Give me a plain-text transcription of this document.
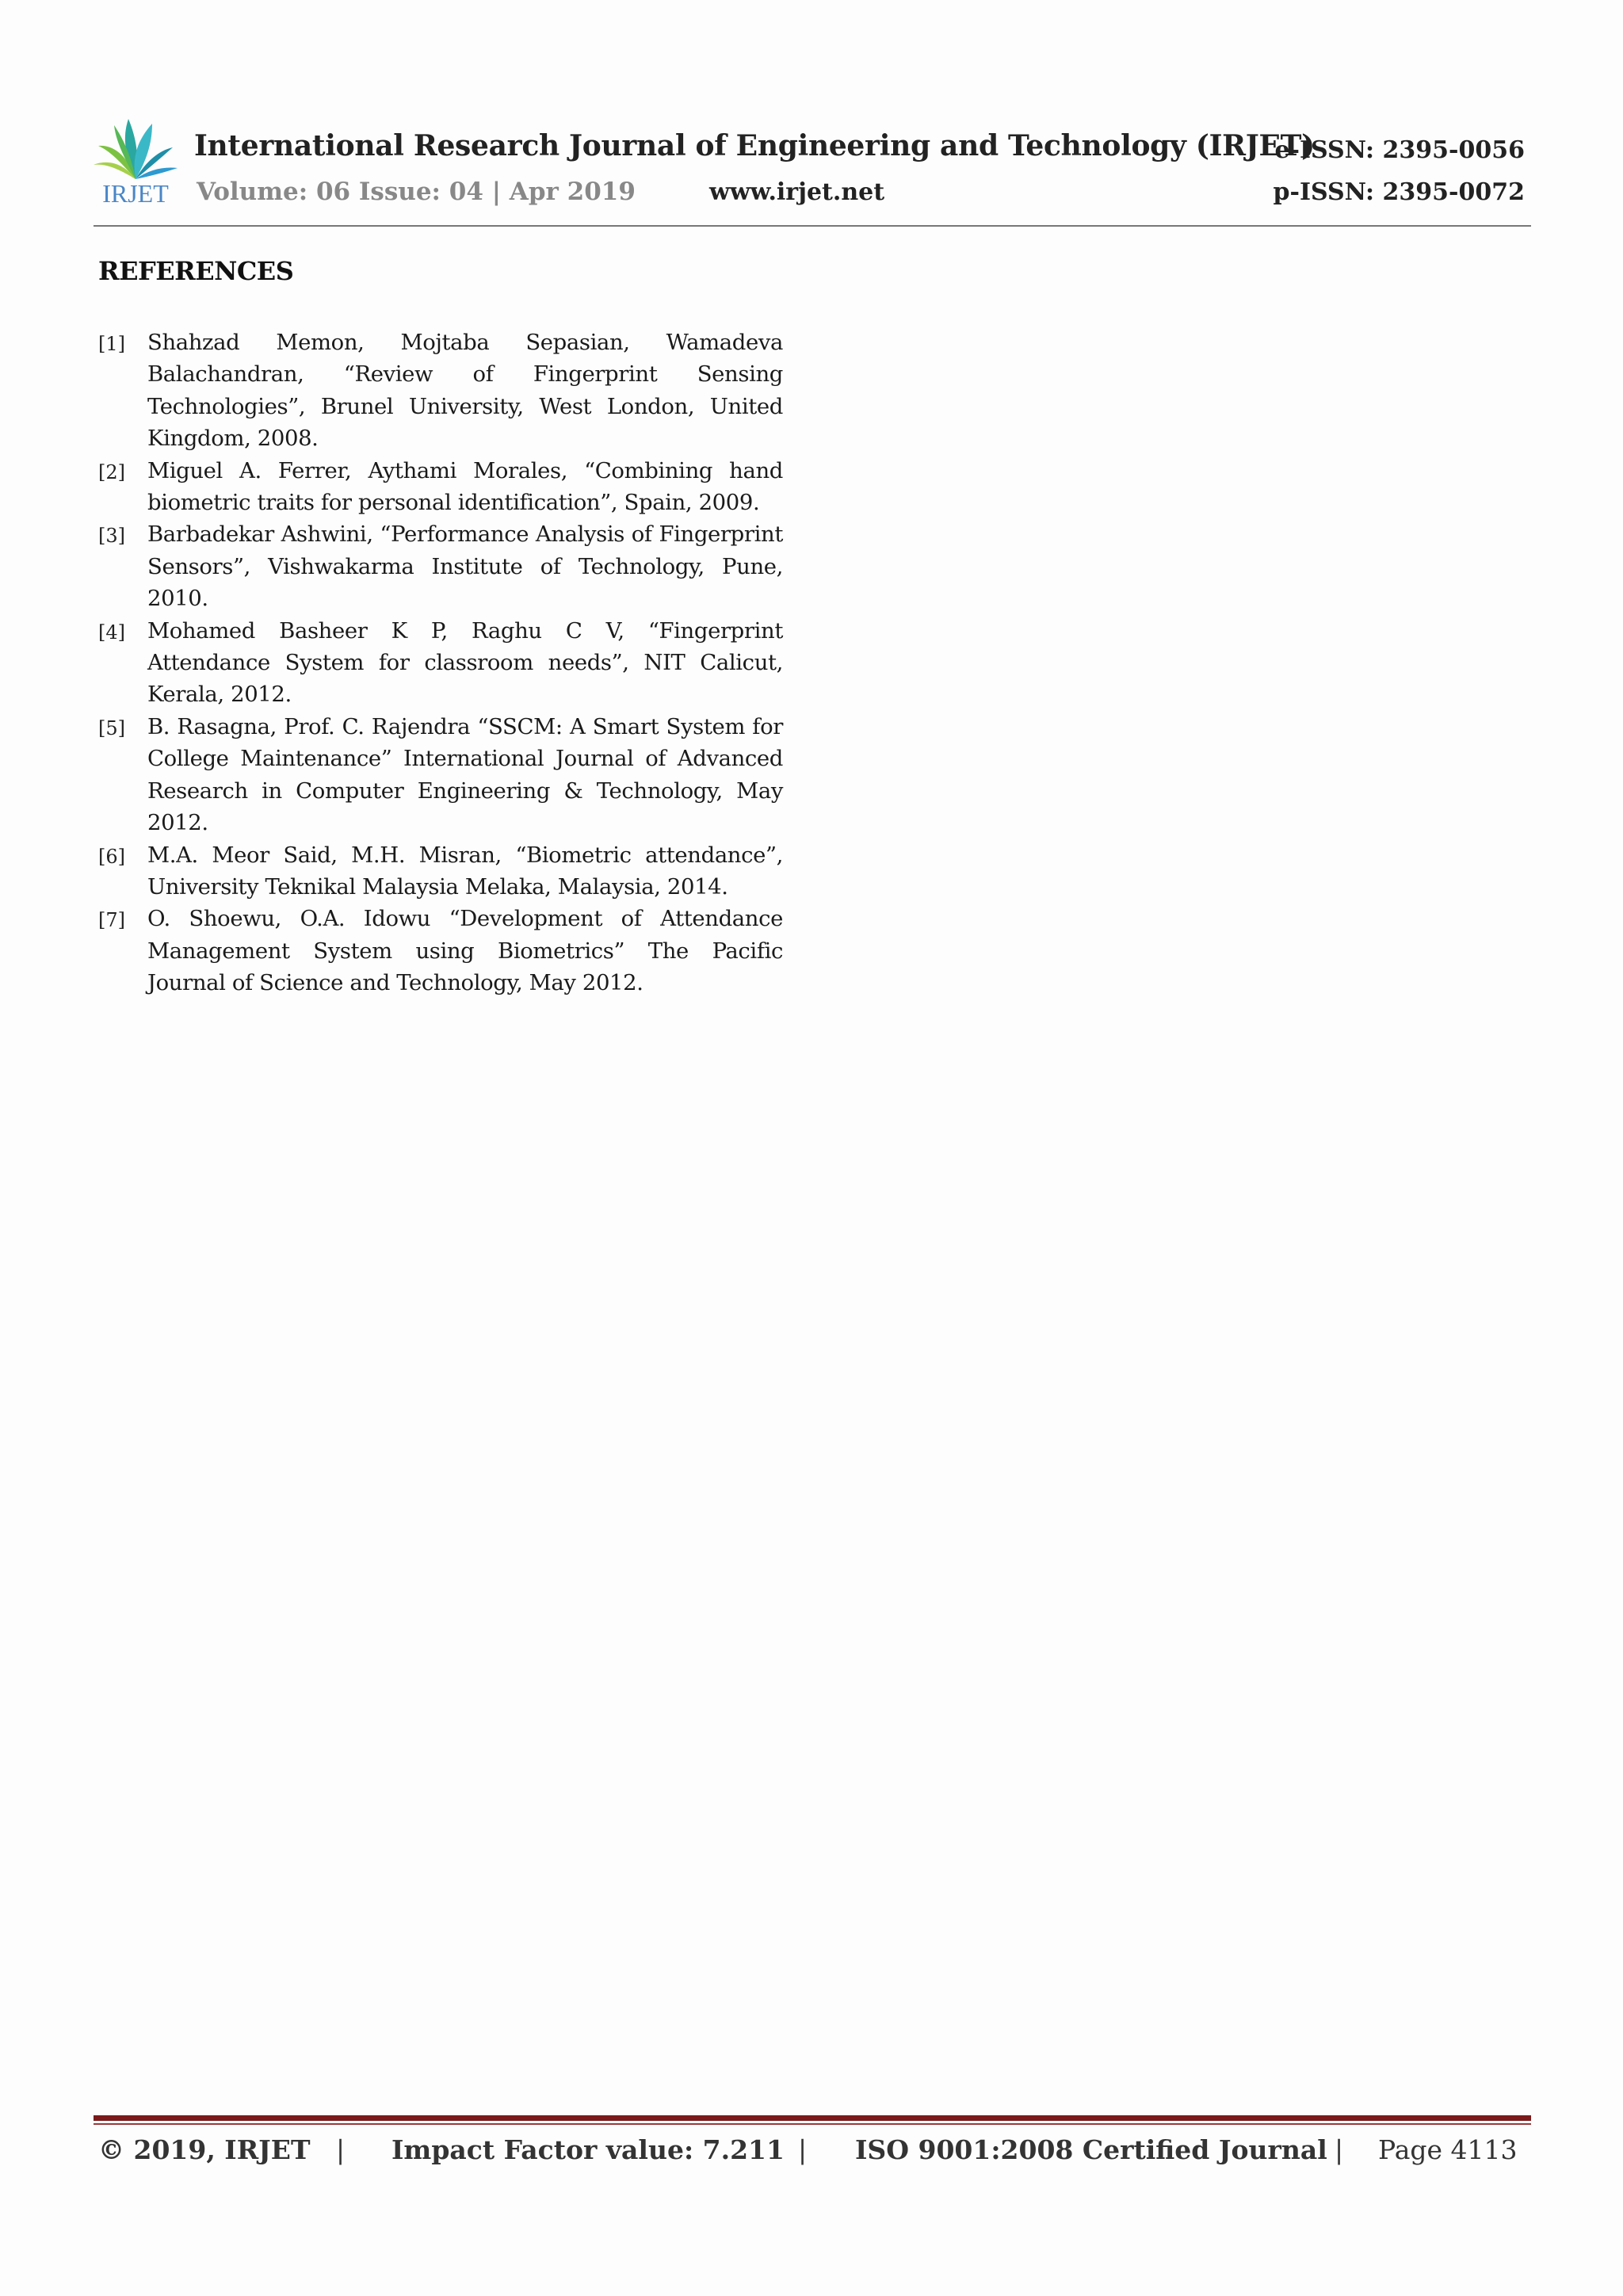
IRJET
International Research Journal of Engineering and Technology (IRJET)
e-ISSN: 2395-0056
Volume: 06 Issue: 04 | Apr 2019	www.irjet.net	p-ISSN: 2395-0072
REFERENCES
[1]	Shahzad Memon, Mojtaba Sepasian, Wamadeva Balachandran, “Review of Fingerprint Sensing Technologies”, Brunel University, West London, United Kingdom, 2008.
[2]	Miguel A. Ferrer, Aythami Morales, “Combining hand biometric traits for personal identification”, Spain, 2009.
[3]	Barbadekar Ashwini, “Performance Analysis of Fingerprint Sensors”, Vishwakarma Institute of Technology, Pune, 2010.
[4]	Mohamed Basheer K P, Raghu C V, “Fingerprint Attendance System for classroom needs”, NIT Calicut, Kerala, 2012.
[5]	B. Rasagna, Prof. C. Rajendra “SSCM: A Smart System for College Maintenance” International Journal of Advanced Research in Computer Engineering & Technology, May 2012.
[6]	M.A. Meor Said, M.H. Misran, “Biometric attendance”, University Teknikal Malaysia Melaka, Malaysia, 2014.
[7]	O. Shoewu, O.A. Idowu “Development of Attendance Management System using Biometrics” The Pacific Journal of Science and Technology, May 2012.
© 2019, IRJET | Impact Factor value: 7.211 | ISO 9001:2008 Certified Journal | Page 4113
